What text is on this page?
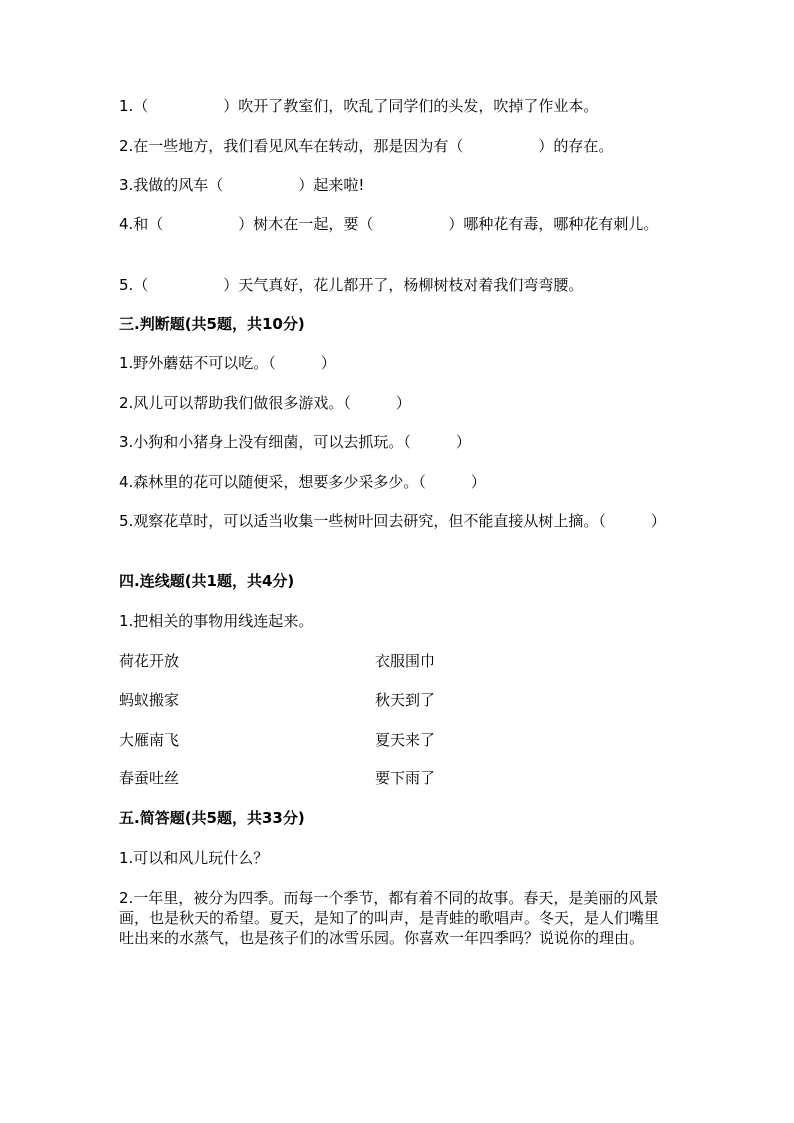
1.（　　　　　）吹开了教室们，吹乱了同学们的头发，吹掉了作业本。

2.在一些地方，我们看见风车在转动，那是因为有（　　　　　）的存在。

3.我做的风车（　　　　　）起来啦!

4.和（　　　　　）树木在一起，要（　　　　　）哪种花有毒，哪种花有刺儿。

5.（　　　　　）天气真好，花儿都开了，杨柳树枝对着我们弯弯腰。

三.判断题(共5题，共10分)

1.野外蘑菇不可以吃。（　　　）

2.风儿可以帮助我们做很多游戏。（　　　）

3.小狗和小猪身上没有细菌，可以去抓玩。（　　　）

4.森林里的花可以随便采，想要多少采多少。（　　　）

5.观察花草时，可以适当收集一些树叶回去研究，但不能直接从树上摘。（　　　）

四.连线题(共1题，共4分)

1.把相关的事物用线连起来。

荷花开放
蚂蚁搬家
大雁南飞
春蚕吐丝
衣服围巾
秋天到了
夏天来了
要下雨了

五.简答题(共5题，共33分)

1.可以和风儿玩什么？

2.一年里，被分为四季。而每一个季节，都有着不同的故事。春天，是美丽的风景画，也是秋天的希望。夏天，是知了的叫声，是青蛙的歌唱声。冬天，是人们嘴里吐出来的水蒸气，也是孩子们的冰雪乐园。你喜欢一年四季吗？说说你的理由。
